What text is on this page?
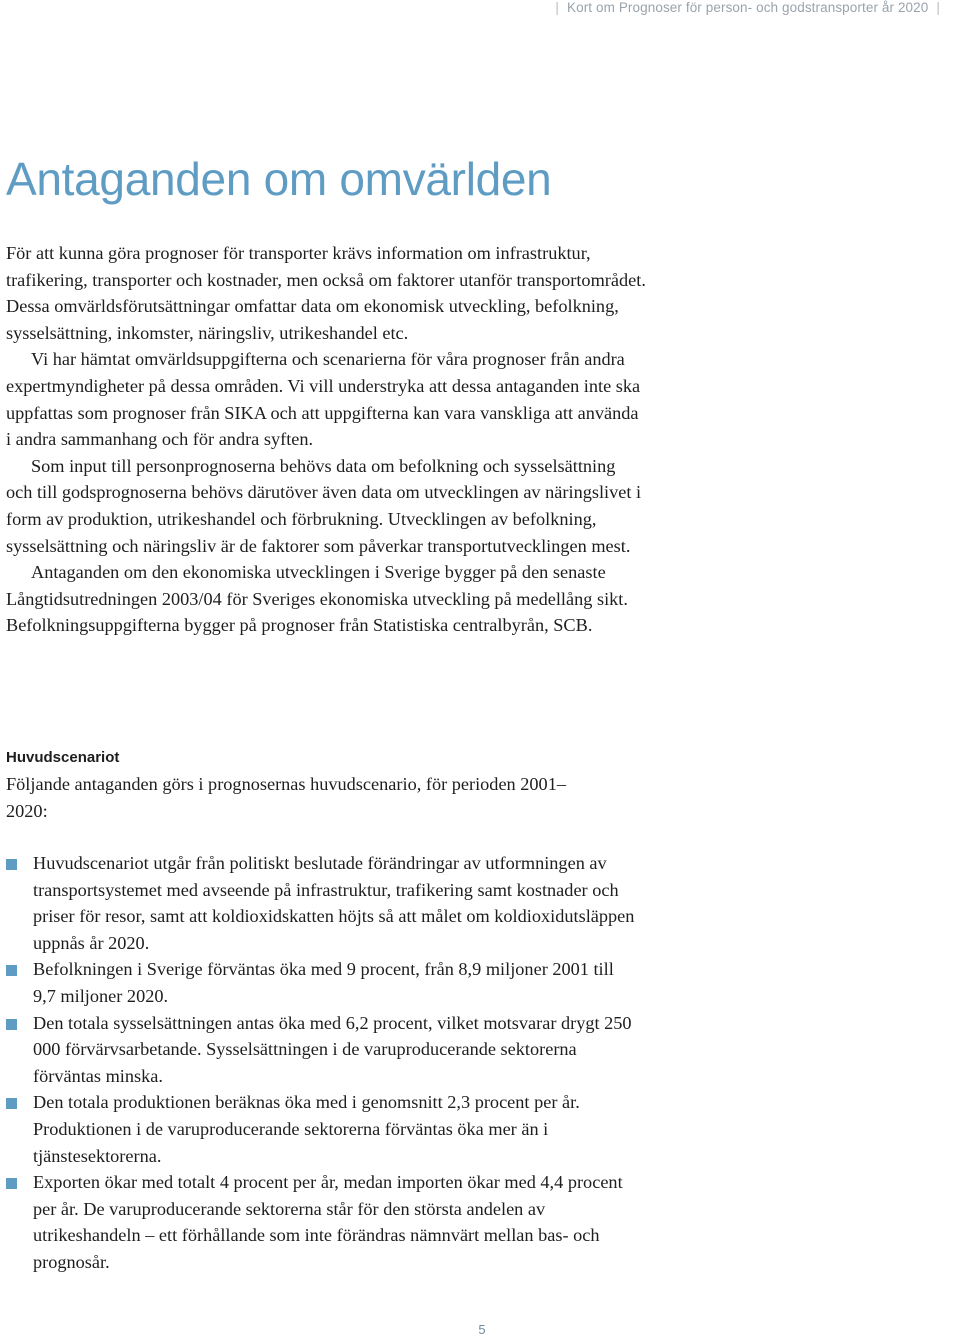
| Kort om Prognoser för person- och godstransporter år 2020 |
Antaganden om omvärlden

För att kunna göra prognoser för transporter krävs information om infrastruktur, trafikering, transporter och kostnader, men också om faktorer utanför transportområdet. Dessa omvärldsförutsättningar omfattar data om ekonomisk utveckling, befolkning, sysselsättning, inkomster, näringsliv, utrikeshandel etc.

Vi har hämtat omvärldsuppgifterna och scenarierna för våra prognoser från andra expertmyndigheter på dessa områden. Vi vill understryka att dessa antaganden inte ska uppfattas som prognoser från SIKA och att uppgifterna kan vara vanskliga att använda i andra sammanhang och för andra syften.

Som input till personprognoserna behövs data om befolkning och sysselsättning och till godsprognoserna behövs därutöver även data om utvecklingen av näringslivet i form av produktion, utrikeshandel och förbrukning. Utvecklingen av befolkning, sysselsättning och näringsliv är de faktorer som påverkar transportutvecklingen mest.

Antaganden om den ekonomiska utvecklingen i Sverige bygger på den senaste Långtidsutredningen 2003/04 för Sveriges ekonomiska utveckling på medellång sikt. Befolkningsuppgifterna bygger på prognoser från Statistiska centralbyrån, SCB.

Huvudscenariot

Följande antaganden görs i prognosernas huvudscenario, för perioden 2001–2020:

Huvudscenariot utgår från politiskt beslutade förändringar av utformningen av transportsystemet med avseende på infrastruktur, trafikering samt kostnader och priser för resor, samt att koldioxidskatten höjts så att målet om koldioxidutsläppen uppnås år 2020.
Befolkningen i Sverige förväntas öka med 9 procent, från 8,9 miljoner 2001 till 9,7 miljoner 2020.
Den totala sysselsättningen antas öka med 6,2 procent, vilket motsvarar drygt 250 000 förvärvsarbetande. Sysselsättningen i de varuproducerande sektorerna förväntas minska.
Den totala produktionen beräknas öka med i genomsnitt 2,3 procent per år. Produktionen i de varuproducerande sektorerna förväntas öka mer än i tjänstesektorerna.
Exporten ökar med totalt 4 procent per år, medan importen ökar med 4,4 procent per år. De varuproducerande sektorerna står för den största andelen av utrikeshandeln – ett förhållande som inte förändras nämnvärt mellan bas- och prognosår.
5
